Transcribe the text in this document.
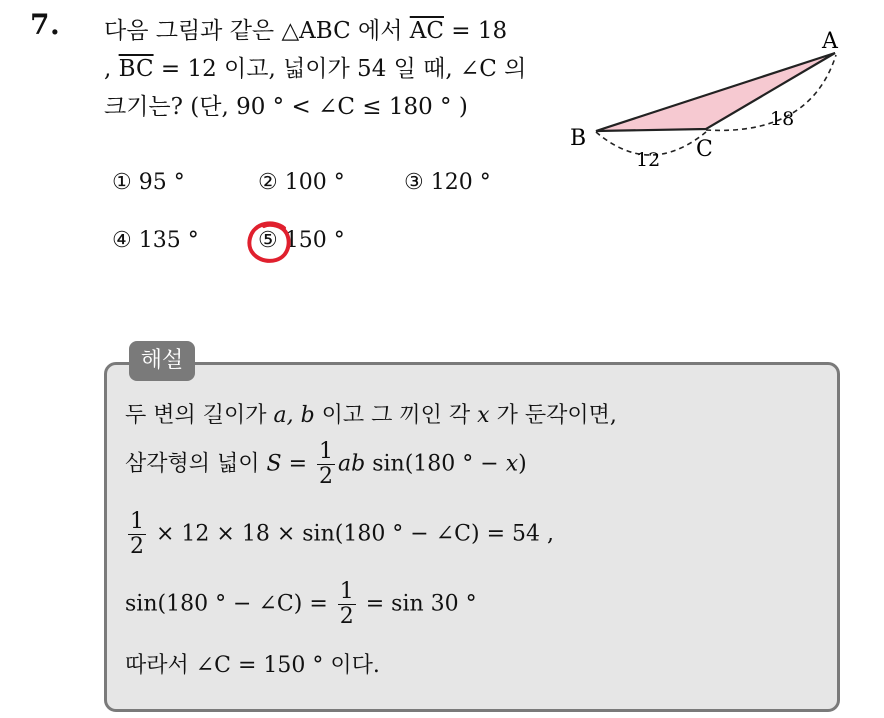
7. 다음 그림과 같은 △ABC 에서 $\overline{AC} = 18$
, $\overline{BC} = 12$ 이고, 넓이가 54 일 때, ∠C 의
크기는? (단, 90 ° < ∠C ≤ 180 ° )
A
B	C
12
18
① 95 °	② 100 °	③ 120 °
④ 135 °	⑤ 150 °
해설
두 변의 길이가 a, b 이고 그 끼인 각 x 가 둔각이면,
삼각형의 넓이 $S = \frac{1}{2}$ ab sin(180 ° − x)
$\frac{1}{2} \times 12 \times 18 \times \sin(180$ ° − ∠C) = 54 ,
sin(180 ° − ∠C) = $\frac{1}{2} = \sin 30$ °
따라서 ∠C = 150 ° 이다.
